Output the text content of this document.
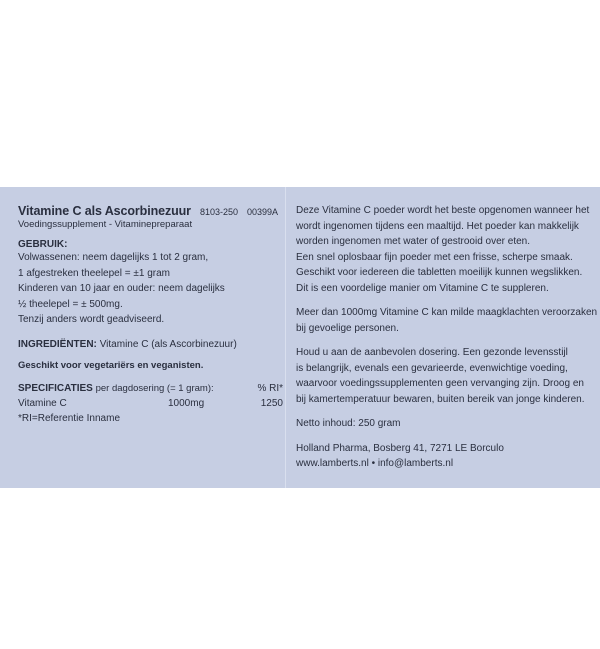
Vitamine C als Ascorbinezuur 8103-250 00399A
Voedingssupplement - Vitaminepreparaat
GEBRUIK:
Volwassenen: neem dagelijks 1 tot 2 gram,
1 afgestreken theelepel = ±1 gram
Kinderen van 10 jaar en ouder: neem dagelijks
½ theelepel = ± 500mg.
Tenzij anders wordt geadviseerd.
INGREDIËNTEN: Vitamine C (als Ascorbinezuur)
Geschikt voor vegetariërs en veganisten.
SPECIFICATIES per dagdosering (= 1 gram):	% RI*
Vitamine C	1000mg	1250
*RI=Referentie Inname
Deze Vitamine C poeder wordt het beste opgenomen wanneer het
wordt ingenomen tijdens een maaltijd. Het poeder kan makkelijk
worden ingenomen met water of gestrooid over eten.
Een snel oplosbaar fijn poeder met een frisse, scherpe smaak.
Geschikt voor iedereen die tabletten moeilijk kunnen wegslikken.
Dit is een voordelige manier om Vitamine C te suppleren.
Meer dan 1000mg Vitamine C kan milde maagklachten veroorzaken
bij gevoelige personen.
Houd u aan de aanbevolen dosering. Een gezonde levensstijl
is belangrijk, evenals een gevarieerde, evenwichtige voeding,
waarvoor voedingssupplementen geen vervanging zijn. Droog en
bij kamertemperatuur bewaren, buiten bereik van jonge kinderen.
Netto inhoud: 250 gram
Holland Pharma, Bosberg 41, 7271 LE Borculo
www.lamberts.nl • info@lamberts.nl
